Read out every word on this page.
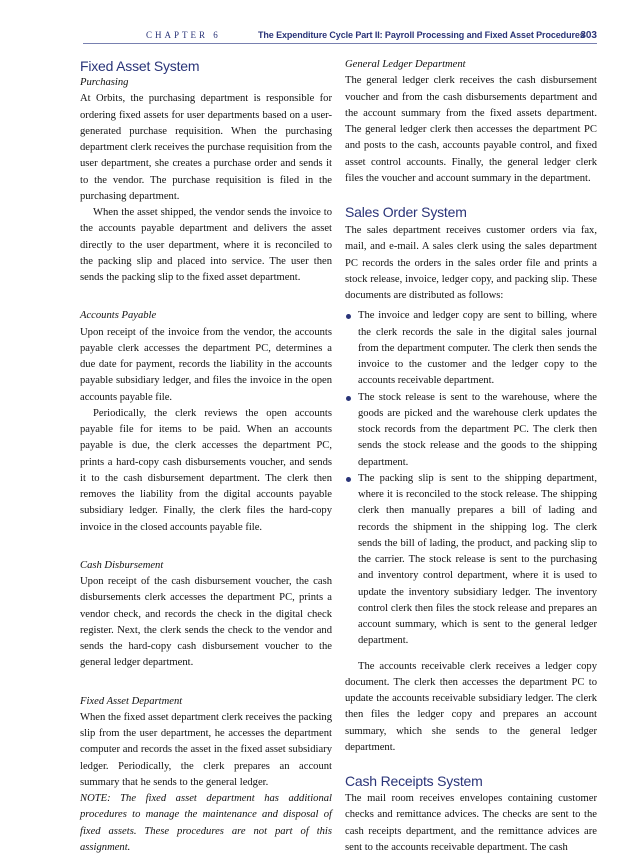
CHAPTER 6	The Expenditure Cycle Part II: Payroll Processing and Fixed Asset Procedures
303
Fixed Asset System

Purchasing

At Orbits, the purchasing department is responsible for ordering fixed assets for user departments based on a user-generated purchase requisition. When the purchasing department clerk receives the purchase requisition from the user department, she creates a purchase order and sends it to the vendor. The purchase requisition is filed in the purchasing department.

When the asset shipped, the vendor sends the invoice to the accounts payable department and delivers the asset directly to the user department, where it is reconciled to the packing slip and placed into service. The user then sends the packing slip to the fixed asset department.

Accounts Payable

Upon receipt of the invoice from the vendor, the accounts payable clerk accesses the department PC, determines a due date for payment, records the liability in the accounts payable subsidiary ledger, and files the invoice in the open accounts payable file.

Periodically, the clerk reviews the open accounts payable file for items to be paid. When an accounts payable is due, the clerk accesses the department PC, prints a hard-copy cash disbursements voucher, and sends it to the cash disbursement department. The clerk then removes the liability from the digital accounts payable subsidiary ledger. Finally, the clerk files the hard-copy invoice in the closed accounts payable file.

Cash Disbursement

Upon receipt of the cash disbursement voucher, the cash disbursements clerk accesses the department PC, prints a vendor check, and records the check in the digital check register. Next, the clerk sends the check to the vendor and sends the hard-copy cash disbursement voucher to the general ledger department.

Fixed Asset Department

When the fixed asset department clerk receives the packing slip from the user department, he accesses the department computer and records the asset in the fixed asset subsidiary ledger. Periodically, the clerk prepares an account summary that he sends to the general ledger.

NOTE: The fixed asset department has additional procedures to manage the maintenance and disposal of fixed assets. These procedures are not part of this assignment.

General Ledger Department

The general ledger clerk receives the cash disbursement voucher and from the cash disbursements department and the account summary from the fixed assets department. The general ledger clerk then accesses the department PC and posts to the cash, accounts payable control, and fixed asset control accounts. Finally, the general ledger clerk files the voucher and account summary in the department.

Sales Order System

The sales department receives customer orders via fax, mail, and e-mail. A sales clerk using the sales department PC records the orders in the sales order file and prints a stock release, invoice, ledger copy, and packing slip. These documents are distributed as follows:

The invoice and ledger copy are sent to billing, where the clerk records the sale in the digital sales journal from the department computer. The clerk then sends the invoice to the customer and the ledger copy to the accounts receivable department.
The stock release is sent to the warehouse, where the goods are picked and the warehouse clerk updates the stock records from the department PC. The clerk then sends the stock release and the goods to the shipping department.
The packing slip is sent to the shipping department, where it is reconciled to the stock release. The shipping clerk then manually prepares a bill of lading and records the shipment in the shipping log. The clerk sends the bill of lading, the product, and packing slip to the carrier. The stock release is sent to the purchasing and inventory control department, where it is used to update the inventory subsidiary ledger. The inventory control clerk then files the stock release and prepares an account summary, which is sent to the general ledger department.

The accounts receivable clerk receives a ledger copy document. The clerk then accesses the department PC to update the accounts receivable subsidiary ledger. The clerk then files the ledger copy and prepares an account summary, which she sends to the general ledger department.

Cash Receipts System

The mail room receives envelopes containing customer checks and remittance advices. The checks are sent to the cash receipts department, and the remittance advices are sent to the accounts receivable department. The cash
